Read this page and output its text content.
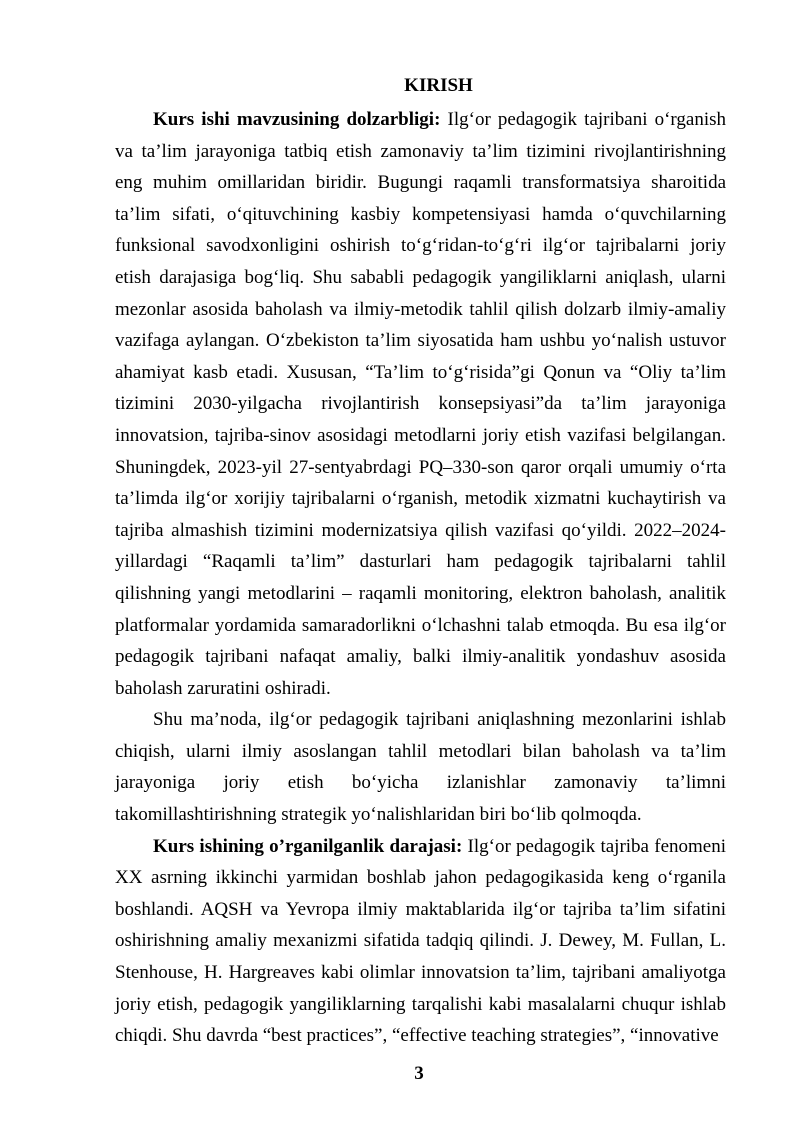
KIRISH

Kurs ishi mavzusining dolzarbligi: Ilg‘or pedagogik tajribani o‘rganish va ta’lim jarayoniga tatbiq etish zamonaviy ta’lim tizimini rivojlantirishning eng muhim omillaridan biridir. Bugungi raqamli transformatsiya sharoitida ta’lim sifati, o‘qituvchining kasbiy kompetensiyasi hamda o‘quvchilarning funksional savodxonligini oshirish to‘g‘ridan-to‘g‘ri ilg‘or tajribalarni joriy etish darajasiga bog‘liq. Shu sababli pedagogik yangiliklarni aniqlash, ularni mezonlar asosida baholash va ilmiy-metodik tahlil qilish dolzarb ilmiy-amaliy vazifaga aylangan. O‘zbekiston ta’lim siyosatida ham ushbu yo‘nalish ustuvor ahamiyat kasb etadi. Xususan, “Ta’lim to‘g‘risida”gi Qonun va “Oliy ta’lim tizimini 2030-yilgacha rivojlantirish konsepsiyasi”da ta’lim jarayoniga innovatsion, tajriba-sinov asosidagi metodlarni joriy etish vazifasi belgilangan. Shuningdek, 2023-yil 27-sentyabrdagi PQ–330-son qaror orqali umumiy o‘rta ta’limda ilg‘or xorijiy tajribalarni o‘rganish, metodik xizmatni kuchaytirish va tajriba almashish tizimini modernizatsiya qilish vazifasi qo‘yildi. 2022–2024-yillardagi “Raqamli ta’lim” dasturlari ham pedagogik tajribalarni tahlil qilishning yangi metodlarini – raqamli monitoring, elektron baholash, analitik platformalar yordamida samaradorlikni o‘lchashni talab etmoqda. Bu esa ilg‘or pedagogik tajribani nafaqat amaliy, balki ilmiy-analitik yondashuv asosida baholash zaruratini oshiradi.

Shu ma’noda, ilg‘or pedagogik tajribani aniqlashning mezonlarini ishlab chiqish, ularni ilmiy asoslangan tahlil metodlari bilan baholash va ta’lim jarayoniga joriy etish bo‘yicha izlanishlar zamonaviy ta’limni takomillashtirishning strategik yo‘nalishlaridan biri bo‘lib qolmoqda.

Kurs ishining o’rganilganlik darajasi: Ilg‘or pedagogik tajriba fenomeni XX asrning ikkinchi yarmidan boshlab jahon pedagogikasida keng o‘rganila boshlandi. AQSH va Yevropa ilmiy maktablarida ilg‘or tajriba ta’lim sifatini oshirishning amaliy mexanizmi sifatida tadqiq qilindi. J. Dewey, M. Fullan, L. Stenhouse, H. Hargreaves kabi olimlar innovatsion ta’lim, tajribani amaliyotga joriy etish, pedagogik yangiliklarning tarqalishi kabi masalalarni chuqur ishlab chiqdi. Shu davrda “best practices”, “effective teaching strategies”, “innovative

3
